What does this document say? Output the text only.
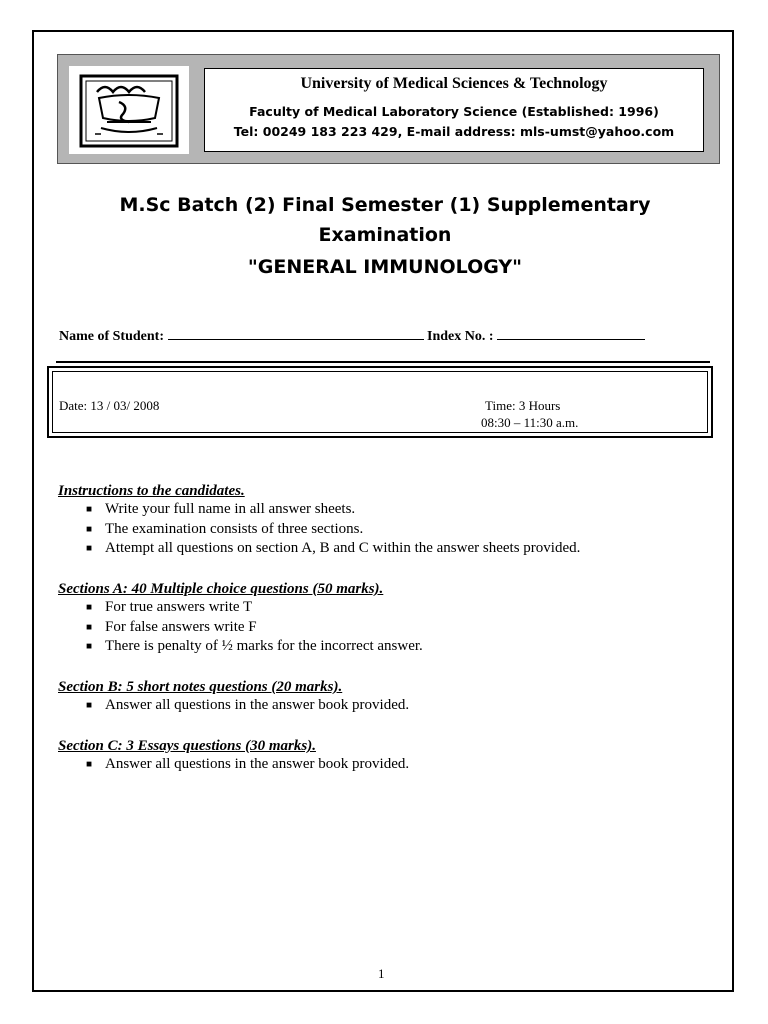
University of Medical Sciences & Technology
Faculty of Medical Laboratory Science (Established: 1996)
Tel: 00249 183 223 429, E-mail address: mls-umst@yahoo.com
M.Sc Batch (2) Final Semester (1) Supplementary
Examination
"GENERAL IMMUNOLOGY"
Name of Student:	Index No. :
Date: 13 / 03/ 2008	Time: 3 Hours
08:30 – 11:30 a.m.
Instructions to the candidates.
■ Write your full name in all answer sheets.
■ The examination consists of three sections.
■ Attempt all questions on section A, B and C within the answer sheets provided.
Sections A: 40 Multiple choice questions (50 marks).
■ For true answers write T
■ For false answers write F
■ There is penalty of ½ marks for the incorrect answer.
Section B: 5 short notes questions (20 marks).
■ Answer all questions in the answer book provided.
Section C: 3 Essays questions (30 marks).
■ Answer all questions in the answer book provided.
1
